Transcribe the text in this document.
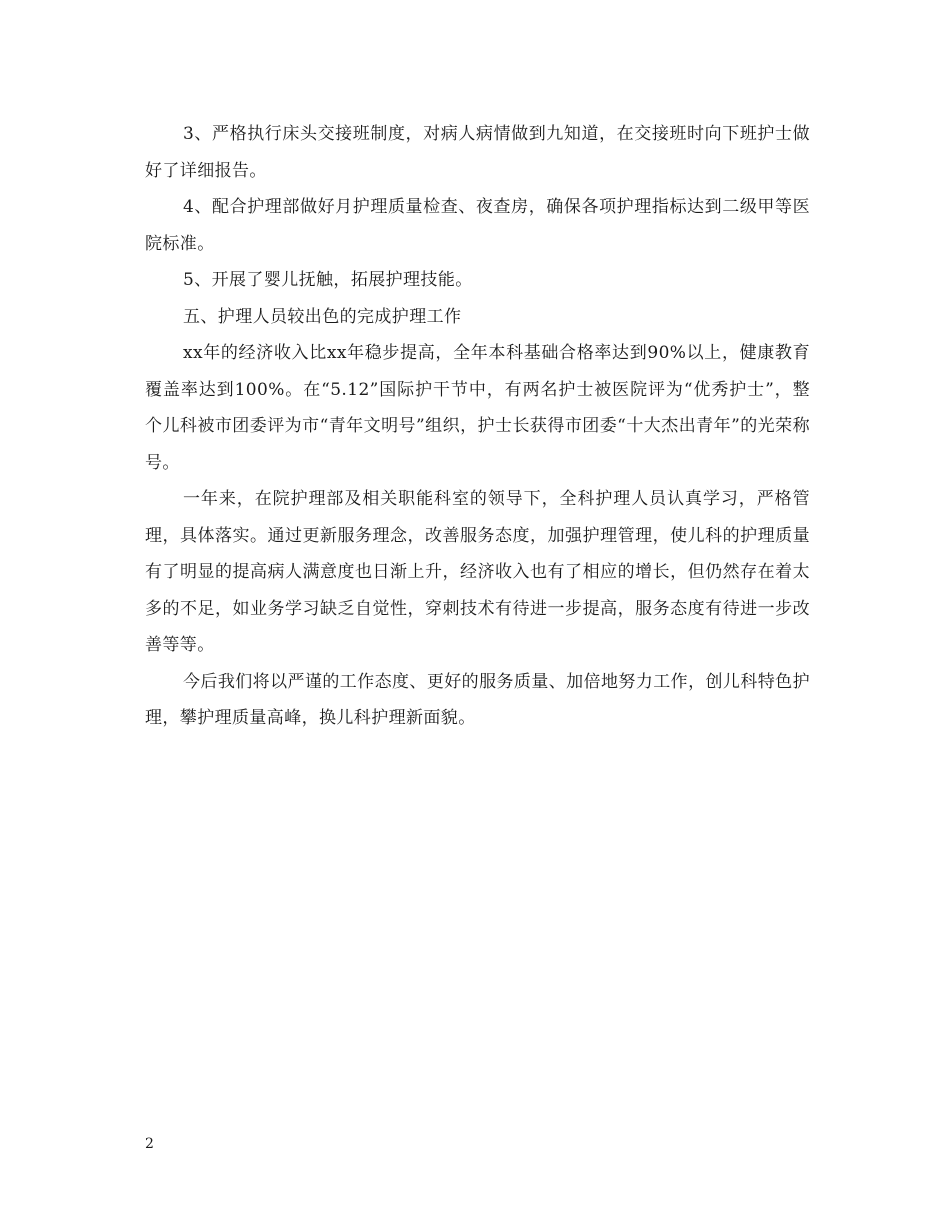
3、严格执行床头交接班制度，对病人病情做到九知道，在交接班时向下班护士做好了详细报告。

4、配合护理部做好月护理质量检查、夜查房，确保各项护理指标达到二级甲等医院标准。

5、开展了婴儿抚触，拓展护理技能。

五、护理人员较出色的完成护理工作

xx年的经济收入比xx年稳步提高，全年本科基础合格率达到90%以上，健康教育覆盖率达到100%。在“5.12”国际护干节中，有两名护士被医院评为“优秀护士”，整个儿科被市团委评为市“青年文明号”组织，护士长获得市团委“十大杰出青年”的光荣称号。

一年来，在院护理部及相关职能科室的领导下，全科护理人员认真学习，严格管理，具体落实。通过更新服务理念，改善服务态度，加强护理管理，使儿科的护理质量有了明显的提高病人满意度也日渐上升，经济收入也有了相应的增长，但仍然存在着太多的不足，如业务学习缺乏自觉性，穿刺技术有待进一步提高，服务态度有待进一步改善等等。

今后我们将以严谨的工作态度、更好的服务质量、加倍地努力工作，创儿科特色护理，攀护理质量高峰，换儿科护理新面貌。

2
